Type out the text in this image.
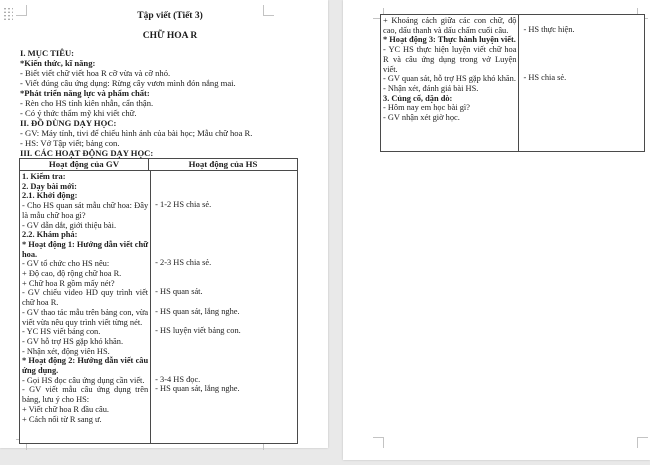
Tập viết (Tiết 3)
CHỮ HOA R
I. MỤC TIÊU:
*Kiến thức, kĩ năng:
- Biết viết chữ viết hoa R cỡ vừa và cỡ nhỏ.
- Viết đúng câu ứng dụng: Rừng cây vươn mình đón nắng mai.
*Phát triển năng lực và phẩm chất:
- Rèn cho HS tính kiên nhẫn, cẩn thận.
- Có ý thức thẩm mỹ khi viết chữ.
II. ĐỒ DÙNG DẠY HỌC:
- GV: Máy tính, tivi để chiếu hình ảnh của bài học; Mẫu chữ hoa R.
- HS: Vở Tập viết; bảng con.
III. CÁC HOẠT ĐỘNG DẠY HỌC:
Hoạt động của GV	Hoạt động của HS
1. Kiểm tra:
2. Dạy bài mới:
2.1. Khởi động:
- Cho HS quan sát mẫu chữ hoa: Đây là mẫu chữ hoa gì?
- GV dẫn dắt, giới thiệu bài.
2.2. Khám phá:
* Hoạt động 1: Hướng dẫn viết chữ hoa.
- GV tổ chức cho HS nêu:
+ Độ cao, độ rộng chữ hoa R.
+ Chữ hoa R gồm mấy nét?
- GV chiếu video HD quy trình viết chữ hoa R.
- GV thao tác mẫu trên bảng con, vừa viết vừa nêu quy trình viết từng nét.
- YC HS viết bảng con.
- GV hỗ trợ HS gặp khó khăn.
- Nhận xét, động viên HS.
* Hoạt động 2: Hướng dẫn viết câu ứng dụng.
- Gọi HS đọc câu ứng dụng cần viết.
- GV viết mẫu câu ứng dụng trên bảng, lưu ý cho HS:
+ Viết chữ hoa R đầu câu.
+ Cách nối từ R sang ư.
- 1-2 HS chia sẻ.
- 2-3 HS chia sẻ.
- HS quan sát.
- HS quan sát, lắng nghe.
- HS luyện viết bảng con.
- 3-4 HS đọc.
- HS quan sát, lắng nghe.
+ Khoảng cách giữa các con chữ, độ cao, dấu thanh và dấu chấm cuối câu.
* Hoạt động 3: Thực hành luyện viết.
- YC HS thực hiện luyện viết chữ hoa R và câu ứng dụng trong vở Luyện viết.
- GV quan sát, hỗ trợ HS gặp khó khăn.
- Nhận xét, đánh giá bài HS.
3. Củng cố, dặn dò:
- Hôm nay em học bài gì?
- GV nhận xét giờ học.
- HS thực hiện.
- HS chia sẻ.
